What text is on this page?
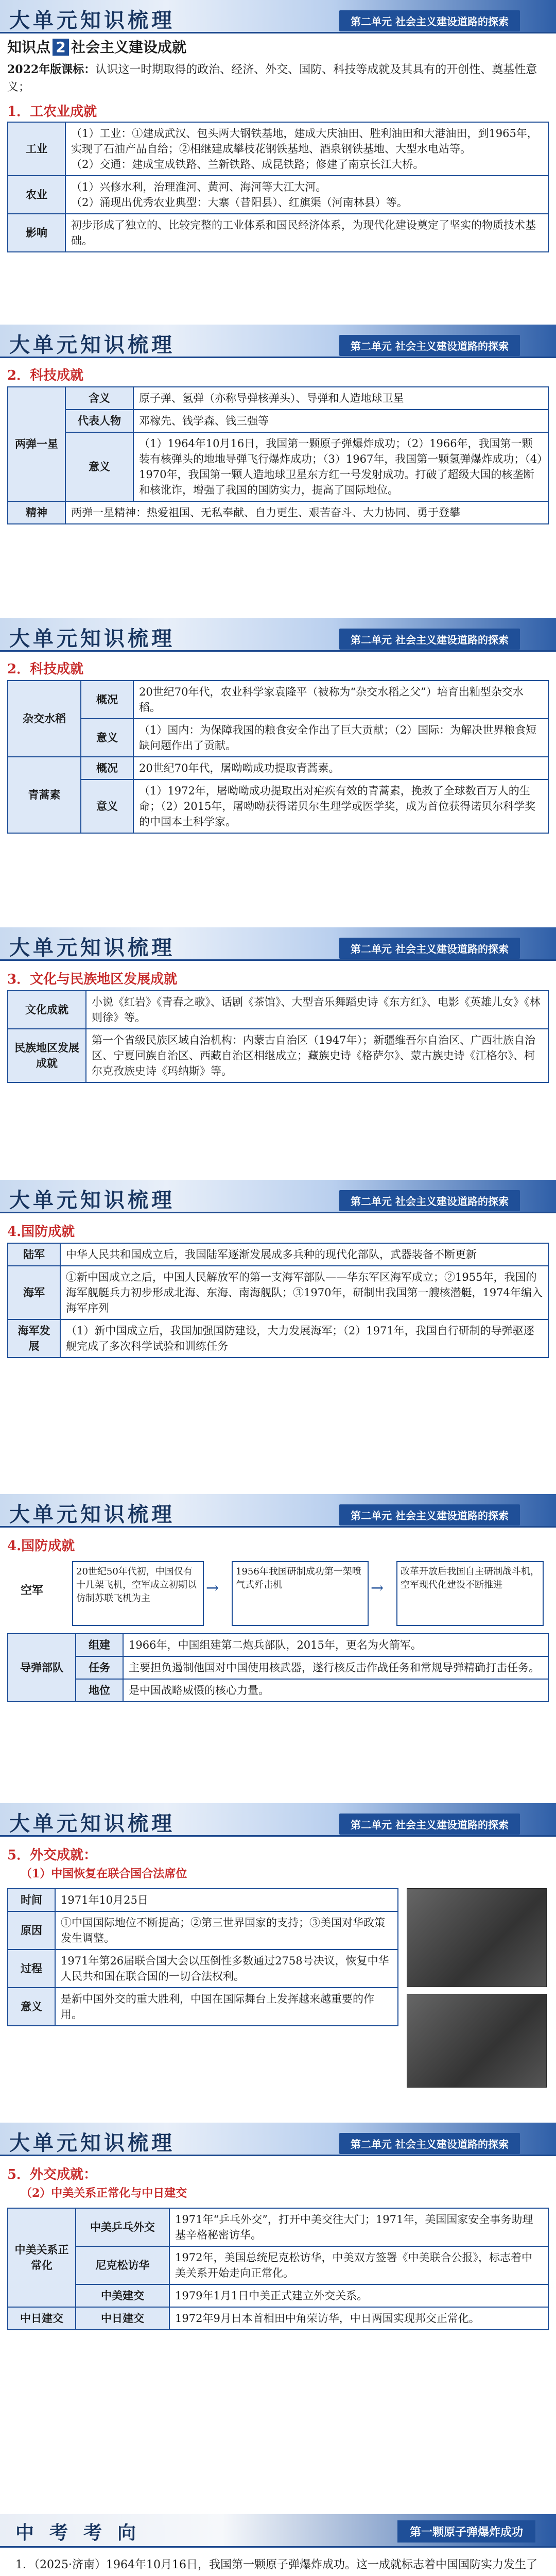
大单元知识梳理	第二单元 社会主义建设道路的探索
知识点 2 社会主义建设成就
2022年版课标：认识这一时期取得的政治、经济、外交、国防、科技等成就及其具有的开创性、奠基性意义；
1．工农业成就
工业	（1）工业：①建成武汉、包头两大钢铁基地，建成大庆油田、胜利油田和大港油田，到1965年，实现了石油产品自给；②相继建成攀枝花钢铁基地、酒泉钢铁基地、大型水电站等。
（2）交通：建成宝成铁路、兰新铁路、成昆铁路；修建了南京长江大桥。

农业	（1）兴修水利，治理淮河、黄河、海河等大江大河。
（2）涌现出优秀农业典型：大寨（昔阳县）、红旗渠（河南林县）等。

影响	初步形成了独立的、比较完整的工业体系和国民经济体系，为现代化建设奠定了坚实的物质技术基础。
大单元知识梳理	第二单元 社会主义建设道路的探索
2．科技成就
两弹一星	含义	原子弹、氢弹（亦称导弹核弹头）、导弹和人造地球卫星
	代表人物	邓稼先、钱学森、钱三强等
	意义	（1）1964年10月16日，我国第一颗原子弹爆炸成功；（2）1966年，我国第一颗装有核弹头的地地导弹飞行爆炸成功；（3）1967年，我国第一颗氢弹爆炸成功；（4）1970年，我国第一颗人造地球卫星东方红一号发射成功。打破了超级大国的核垄断和核讹诈，增强了我国的国防实力，提高了国际地位。
精神	两弹一星精神：热爱祖国、无私奉献、自力更生、艰苦奋斗、大力协同、勇于登攀	
大单元知识梳理	第二单元 社会主义建设道路的探索
2．科技成就
杂交水稻	概况	20世纪70年代，农业科学家袁隆平（被称为“杂交水稻之父”）培育出籼型杂交水稻。
	意义	（1）国内：为保障我国的粮食安全作出了巨大贡献；（2）国际：为解决世界粮食短缺问题作出了贡献。
青蒿素	概况	20世纪70年代，屠呦呦成功提取青蒿素。
	意义	（1）1972年，屠呦呦成功提取出对疟疾有效的青蒿素，挽救了全球数百万人的生命；（2）2015年，屠呦呦获得诺贝尔生理学或医学奖，成为首位获得诺贝尔科学奖的中国本土科学家。
大单元知识梳理	第二单元 社会主义建设道路的探索
3．文化与民族地区发展成就
文化成就	小说《红岩》《青春之歌》、话剧《茶馆》、大型音乐舞蹈史诗《东方红》、电影《英雄儿女》《林则徐》等。
民族地区发展成就	第一个省级民族区域自治机构：内蒙古自治区（1947年）；新疆维吾尔自治区、广西壮族自治区、宁夏回族自治区、西藏自治区相继成立；藏族史诗《格萨尔》、蒙古族史诗《江格尔》、柯尔克孜族史诗《玛纳斯》等。
大单元知识梳理	第二单元 社会主义建设道路的探索
4.国防成就
陆军	中华人民共和国成立后，我国陆军逐渐发展成多兵种的现代化部队，武器装备不断更新
海军	①新中国成立之后，中国人民解放军的第一支海军部队——华东军区海军成立；②1955年，我国的海军舰艇兵力初步形成北海、东海、南海舰队；③1970年，研制出我国第一艘核潜艇，1974年编入海军序列
海军发展	（1）新中国成立后，我国加强国防建设，大力发展海军；（2）1971年，我国自行研制的导弹驱逐舰完成了多次科学试验和训练任务
大单元知识梳理	第二单元 社会主义建设道路的探索
4.国防成就
20世纪50年代初，中国仅有十几架飞机，空军成立初期以仿制苏联飞机为主
→
1956年我国研制成功第一架喷气式歼击机	→
改革开放后我国自主研制战斗机，空军现代化建设不断推进
空军
导弹部队	组建	1966年，中国组建第二炮兵部队，2015年，更名为火箭军。
	任务	主要担负遏制他国对中国使用核武器，遂行核反击作战任务和常规导弹精确打击任务。
	地位	是中国战略威慑的核心力量。
大单元知识梳理	第二单元 社会主义建设道路的探索
5．外交成就：
（1）中国恢复在联合国合法席位
时间	1971年10月25日
原因	①中国国际地位不断提高；②第三世界国家的支持；③美国对华政策发生调整。
过程	1971年第26届联合国大会以压倒性多数通过2758号决议，恢复中华人民共和国在联合国的一切合法权利。
意义	是新中国外交的重大胜利，中国在国际舞台上发挥越来越重要的作用。
大单元知识梳理	第二单元 社会主义建设道路的探索
5．外交成就：
（2）中美关系正常化与中日建交
中美关系正常化	中美乒乓外交	1971年“乒乓外交”，打开中美交往大门；1971年，美国国家安全事务助理基辛格秘密访华。
	尼克松访华	1972年，美国总统尼克松访华，中美双方签署《中美联合公报》，标志着中美关系开始走向正常化。
	中美建交	1979年1月1日中美正式建立外交关系。
中日建交	中日建交	1972年9月日本首相田中角荣访华，中日两国实现邦交正常化。
中考考向	第一颗原子弹爆炸成功
1．（2025·济南）1964年10月16日，我国第一颗原子弹爆炸成功。这一成就标志着中国国防实力发生了　　
